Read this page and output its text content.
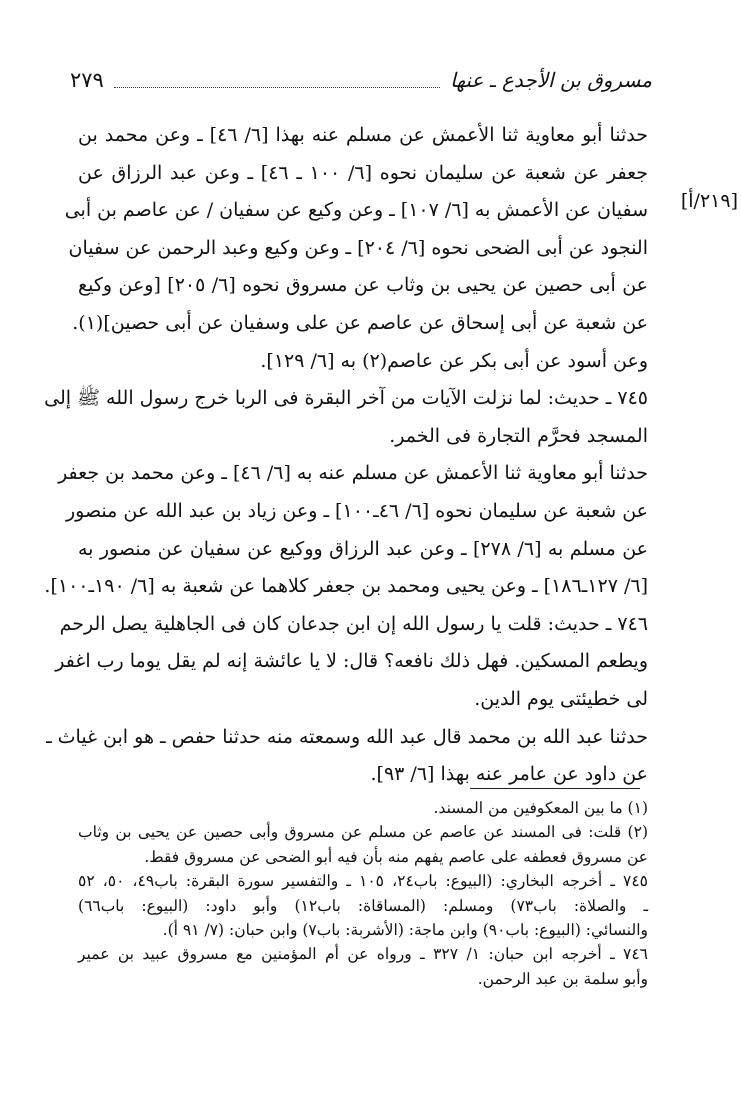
مسروق بن الأجدع ـ عنها
٢٧٩
[٢١٩/أ]
حدثنا أبو معاوية ثنا الأعمش عن مسلم عنه بهذا [٦/ ٤٦] ـ وعن محمد بن
جعفر عن شعبة عن سليمان نحوه [٦/ ١٠٠ ـ ٤٦] ـ وعن عبد الرزاق عن
سفيان عن الأعمش به [٦/ ١٠٧] ـ وعن وكيع عن سفيان / عن عاصم بن أبى
النجود عن أبى الضحى نحوه [٦/ ٢٠٤] ـ وعن وكيع وعبد الرحمن عن سفيان
عن أبى حصين عن يحيى بن وثاب عن مسروق نحوه [٦/ ٢٠٥] [وعن وكيع
عن شعبة عن أبى إسحاق عن عاصم عن على وسفيان عن أبى حصين](١).
وعن أسود عن أبى بكر عن عاصم(٢) به [٦/ ١٢٩].
٧٤٥ ـ حديث: لما نزلت الآيات من آخر البقرة فى الربا خرج رسول الله ﷺ إلى
المسجد فحرَّم التجارة فى الخمر.
حدثنا أبو معاوية ثنا الأعمش عن مسلم عنه به [٦/ ٤٦] ـ وعن محمد بن جعفر
عن شعبة عن سليمان نحوه [٦/ ٤٦ـ١٠٠] ـ وعن زياد بن عبد الله عن منصور
عن مسلم به [٦/ ٢٧٨] ـ وعن عبد الرزاق ووكيع عن سفيان عن منصور به
[٦/ ١٢٧ـ١٨٦] ـ وعن يحيى ومحمد بن جعفر كلاهما عن شعبة به [٦/ ١٩٠ـ١٠٠].
٧٤٦ ـ حديث: قلت يا رسول الله إن ابن جدعان كان فى الجاهلية يصل الرحم
ويطعم المسكين. فهل ذلك نافعه؟ قال: لا يا عائشة إنه لم يقل يوما رب اغفر
لى خطيئتى يوم الدين.
حدثنا عبد الله بن محمد قال عبد الله وسمعته منه حدثنا حفص ـ هو ابن غياث ـ
عن داود عن عامر عنه بهذا [٦/ ٩٣].
(١) ما بين المعكوفين من المسند.
(٢) قلت: فى المسند عن عاصم عن مسلم عن مسروق وأبى حصين عن يحيى بن وثاب
عن مسروق فعطفه على عاصم يفهم منه بأن فيه أبو الضحى عن مسروق فقط.
٧٤٥ ـ أخرجه البخاري: (البيوع: باب٢٤، ١٠٥ ـ والتفسير سورة البقرة: باب٤٩، ٥٠، ٥٢
ـ والصلاة: باب٧٣) ومسلم: (المساقاة: باب١٢) وأبو داود: (البيوع: باب٦٦)
والنسائي: (البيوع: باب٩٠) وابن ماجة: (الأشربة: باب٧) وابن حبان: (٧/ ٩١ أ).
٧٤٦ ـ أخرجه ابن حبان: ١/ ٣٢٧ ـ ورواه عن أم المؤمنين مع مسروق عبيد بن عمير
وأبو سلمة بن عبد الرحمن.
